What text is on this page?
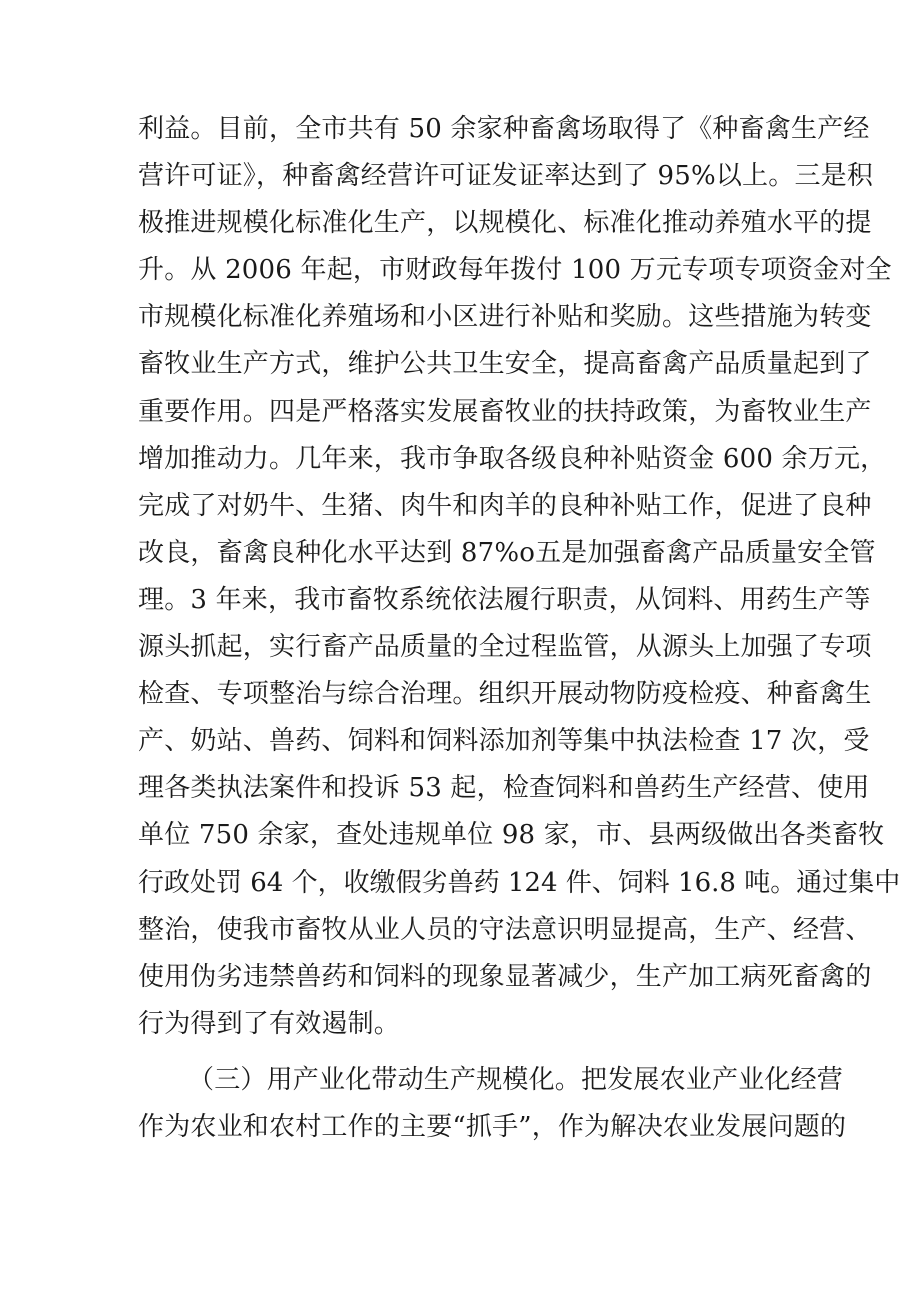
利益。目前，全市共有 50 余家种畜禽场取得了《种畜禽生产经
营许可证》，种畜禽经营许可证发证率达到了 95%以上。三是积
极推进规模化标准化生产，以规模化、标准化推动养殖水平的提
升。从 2006 年起，市财政每年拨付 100 万元专项专项资金对全
市规模化标准化养殖场和小区进行补贴和奖励。这些措施为转变
畜牧业生产方式，维护公共卫生安全，提高畜禽产品质量起到了
重要作用。四是严格落实发展畜牧业的扶持政策，为畜牧业生产
增加推动力。几年来，我市争取各级良种补贴资金 600 余万元，
完成了对奶牛、生猪、肉牛和肉羊的良种补贴工作，促进了良种
改良，畜禽良种化水平达到 87%o五是加强畜禽产品质量安全管
理。3 年来，我市畜牧系统依法履行职责，从饲料、用药生产等
源头抓起，实行畜产品质量的全过程监管，从源头上加强了专项
检查、专项整治与综合治理。组织开展动物防疫检疫、种畜禽生
产、奶站、兽药、饲料和饲料添加剂等集中执法检查 17 次，受
理各类执法案件和投诉 53 起，检查饲料和兽药生产经营、使用
单位 750 余家，查处违规单位 98 家，市、县两级做出各类畜牧
行政处罚 64 个，收缴假劣兽药 124 件、饲料 16.8 吨。通过集中
整治，使我市畜牧从业人员的守法意识明显提高，生产、经营、
使用伪劣违禁兽药和饲料的现象显著减少，生产加工病死畜禽的
行为得到了有效遏制。
（三）用产业化带动生产规模化。把发展农业产业化经营
作为农业和农村工作的主要“抓手”，作为解决农业发展问题的
